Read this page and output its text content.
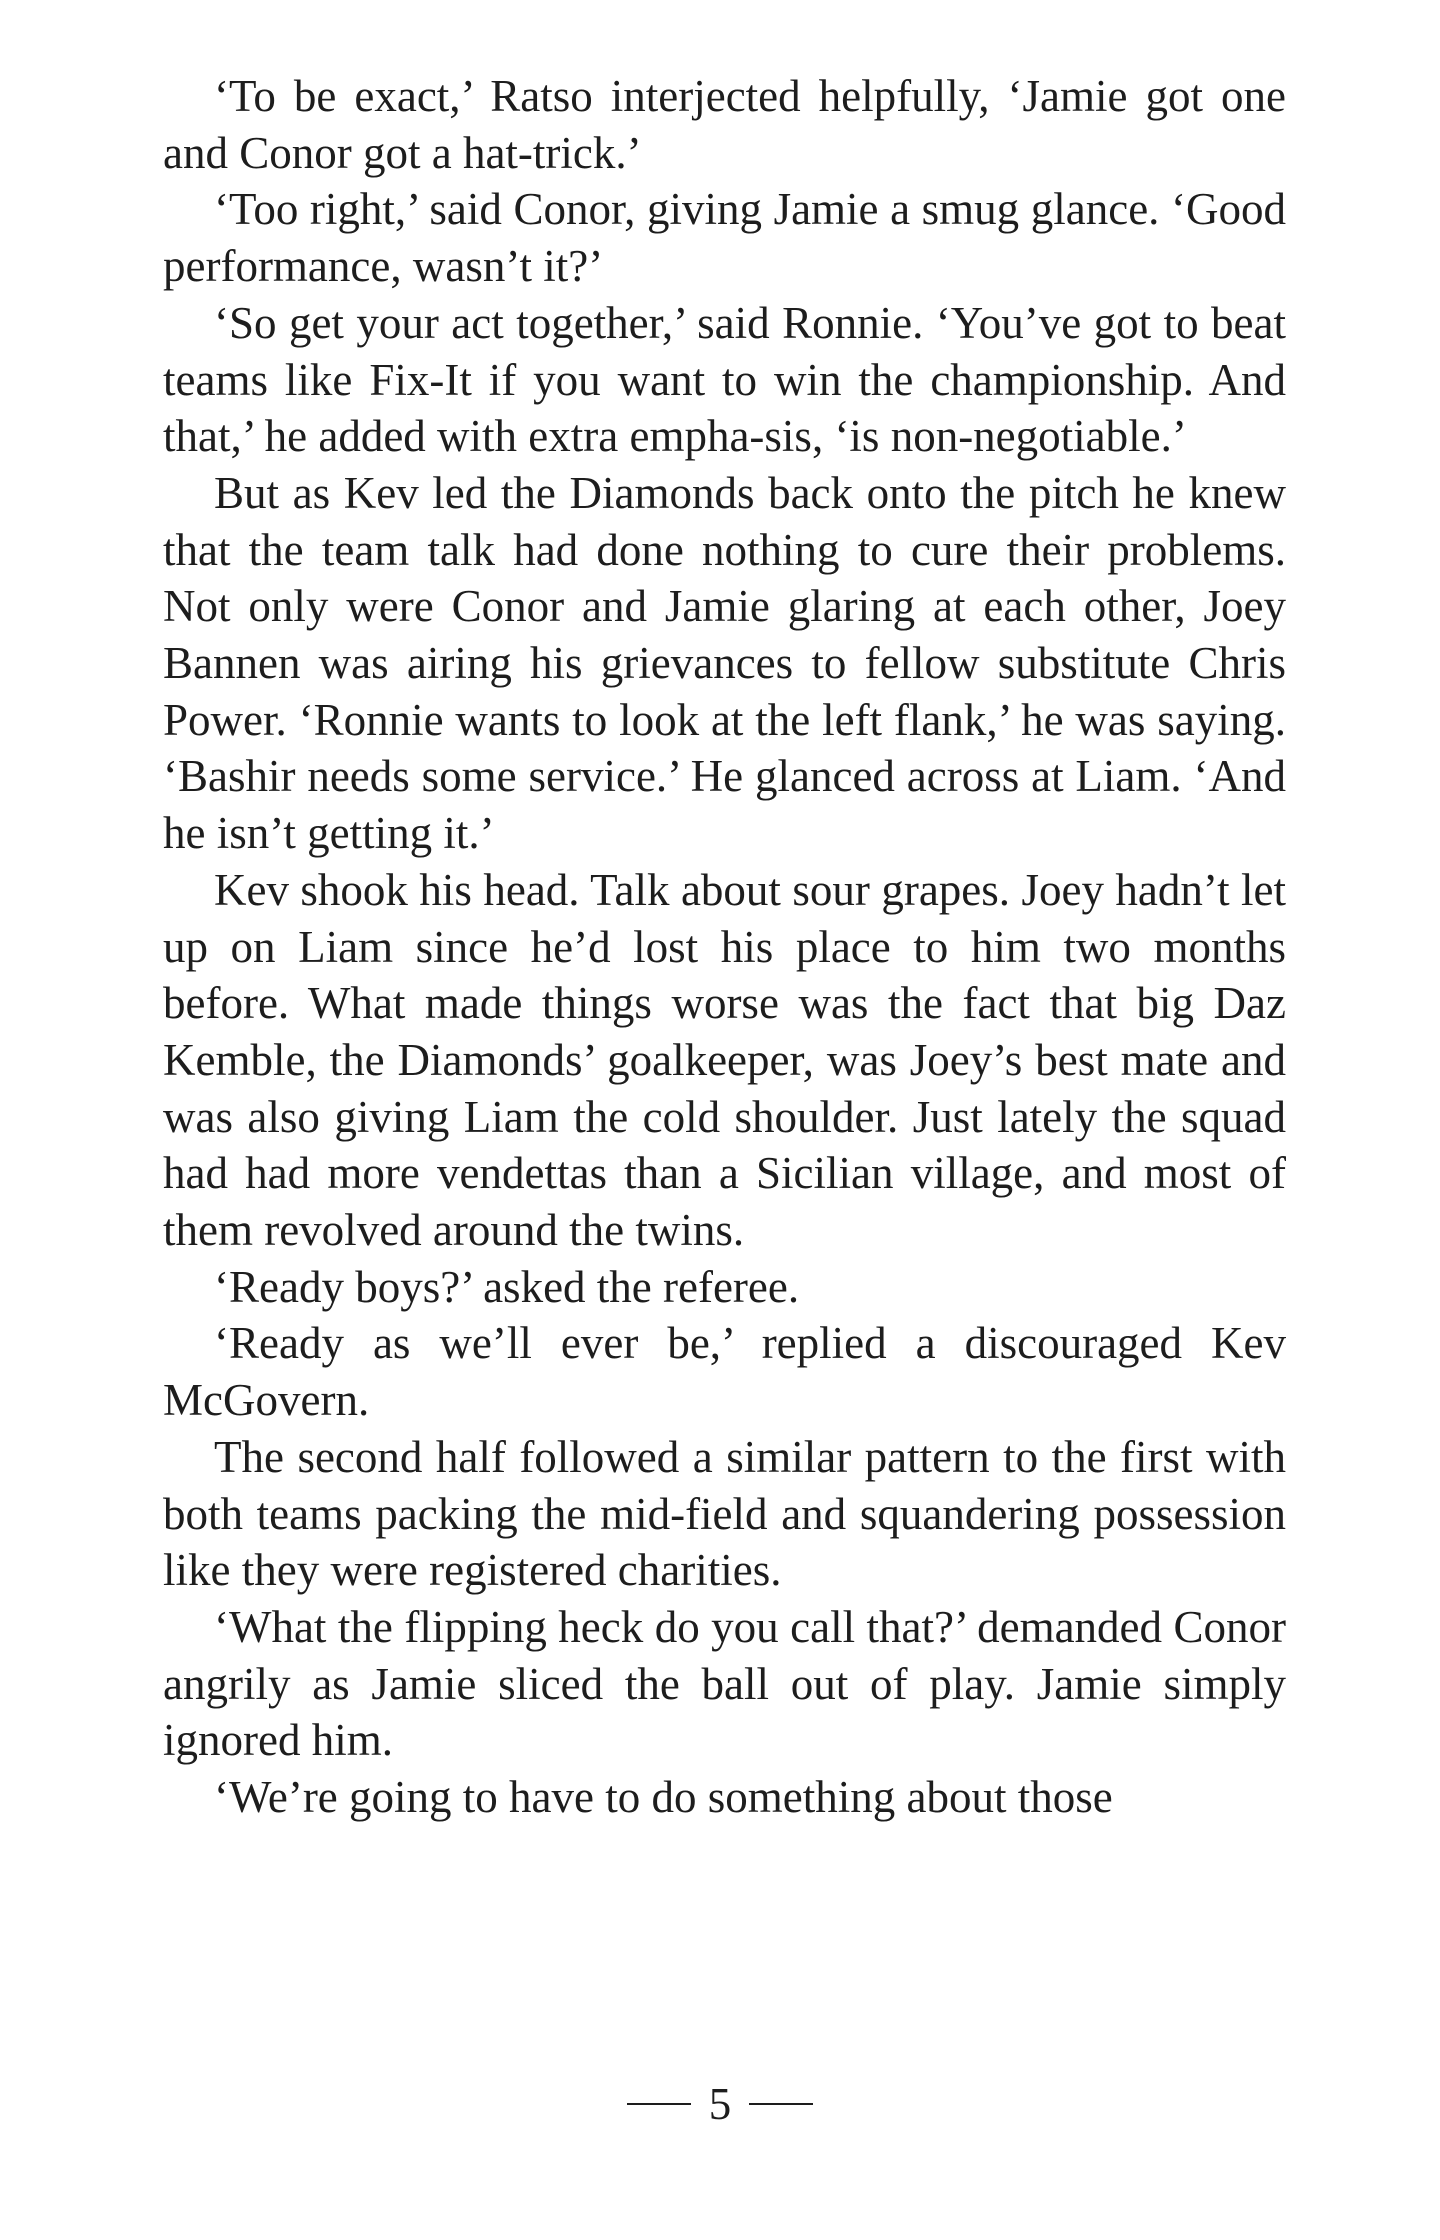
‘To be exact,’ Ratso interjected helpfully, ‘Jamie got one and Conor got a hat-trick.’

‘Too right,’ said Conor, giving Jamie a smug glance. ‘Good performance, wasn’t it?’

‘So get your act together,’ said Ronnie. ‘You’ve got to beat teams like Fix-It if you want to win the championship. And that,’ he added with extra empha-sis, ‘is non-negotiable.’

But as Kev led the Diamonds back onto the pitch he knew that the team talk had done nothing to cure their problems. Not only were Conor and Jamie glaring at each other, Joey Bannen was airing his grievances to fellow substitute Chris Power. ‘Ronnie wants to look at the left flank,’ he was saying. ‘Bashir needs some service.’ He glanced across at Liam. ‘And he isn’t getting it.’

Kev shook his head. Talk about sour grapes. Joey hadn’t let up on Liam since he’d lost his place to him two months before. What made things worse was the fact that big Daz Kemble, the Diamonds’ goalkeeper, was Joey’s best mate and was also giving Liam the cold shoulder. Just lately the squad had had more vendettas than a Sicilian village, and most of them revolved around the twins.

‘Ready boys?’ asked the referee.

‘Ready as we’ll ever be,’ replied a discouraged Kev McGovern.

The second half followed a similar pattern to the first with both teams packing the mid-field and squandering possession like they were registered charities.

‘What the flipping heck do you call that?’ demanded Conor angrily as Jamie sliced the ball out of play. Jamie simply ignored him.

‘We’re going to have to do something about those

5
